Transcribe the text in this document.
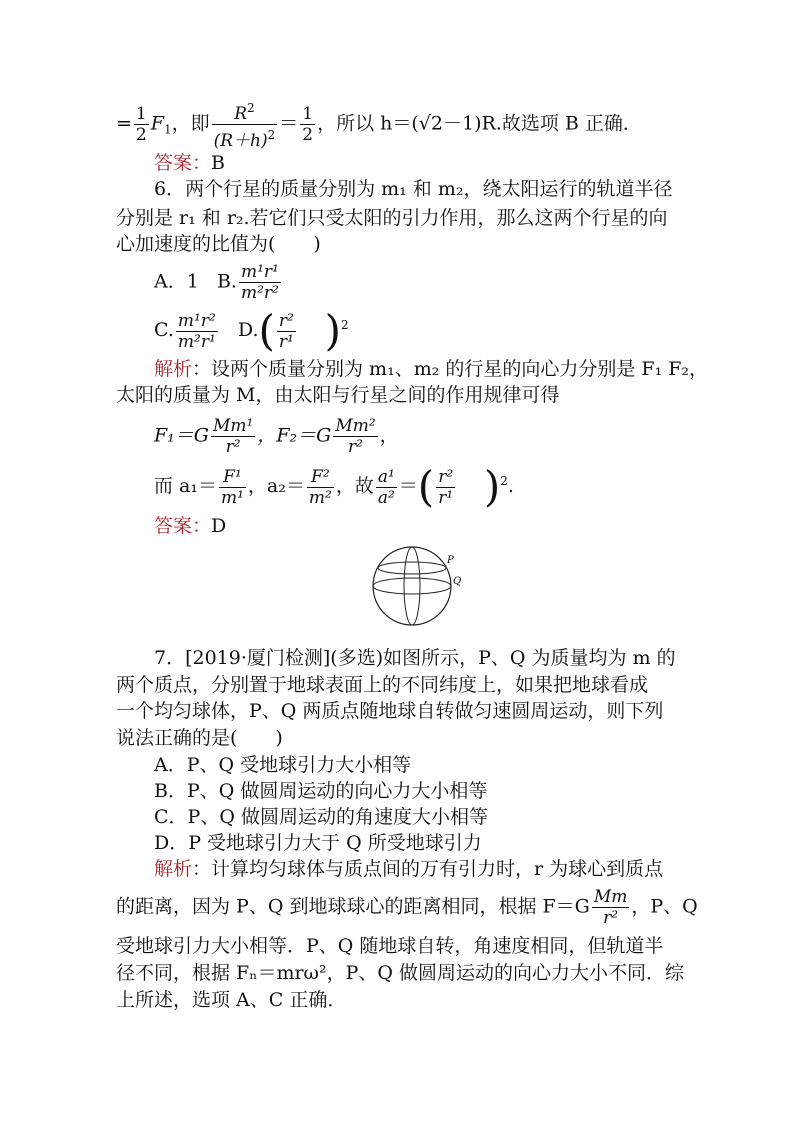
= $\frac{1}{2} F_1$，即 $\frac{R^2}{(R+h)^2} = \frac{1}{2}$ ，所以 h＝(√2－1)R.故选项 B 正确．
答案：B
6．两个行星的质量分别为 m₁ 和 m₂，绕太阳运行的轨道半径
分别是 r₁ 和 r₂.若它们只受太阳的引力作用，那么这两个行星的向
心加速度的比值为(　　)
A．1 B. $\frac{\text{m¹r¹}}{\text{m²r²}}$
C. $\frac{\text{m¹r²}}{\text{m²r¹}} D.( \frac{\text{r²}}{\text{r¹}} )^2$
解析：设两个质量分别为 m₁、m₂ 的行星的向心力分别是 F₁ F₂，
太阳的质量为 M，由太阳与行星之间的作用规律可得
$F_1=G \frac{\text{Mm¹}}{\text{r²}}$ ，$F_2=G \frac{\text{Mm²}}{\text{r²}}$ ，
而 $a_1= \frac{\text{F¹}}{\text{m¹}}$ ，$a_2= \frac{\text{F²}}{\text{m²}}$ ，故 $\frac{\text{a¹}}{\text{a²}}$ ＝( $\frac{\text{r²}}{\text{r¹}} )^2$.
答案：D
P
Q
7．[2019·厦门检测](多选)如图所示，P、Q 为质量均为 m 的
两个质点，分别置于地球表面上的不同纬度上，如果把地球看成
一个均匀球体，P、Q 两质点随地球自转做匀速圆周运动，则下列
说法正确的是(　　)
A．P、Q 受地球引力大小相等
B．P、Q 做圆周运动的向心力大小相等
C．P、Q 做圆周运动的角速度大小相等
D．P 受地球引力大于 Q 所受地球引力
解析：计算均匀球体与质点间的万有引力时，r 为球心到质点
的距离，因为 P、Q 到地球球心的距离相同，根据 $F=G \frac{Mm}{\text{r²}}$ ，P、Q
受地球引力大小相等．P、Q 随地球自转，角速度相同，但轨道半
径不同，根据 Fₙ＝mrω²，P、Q 做圆周运动的向心力大小不同．综
上所述，选项 A、C 正确．
